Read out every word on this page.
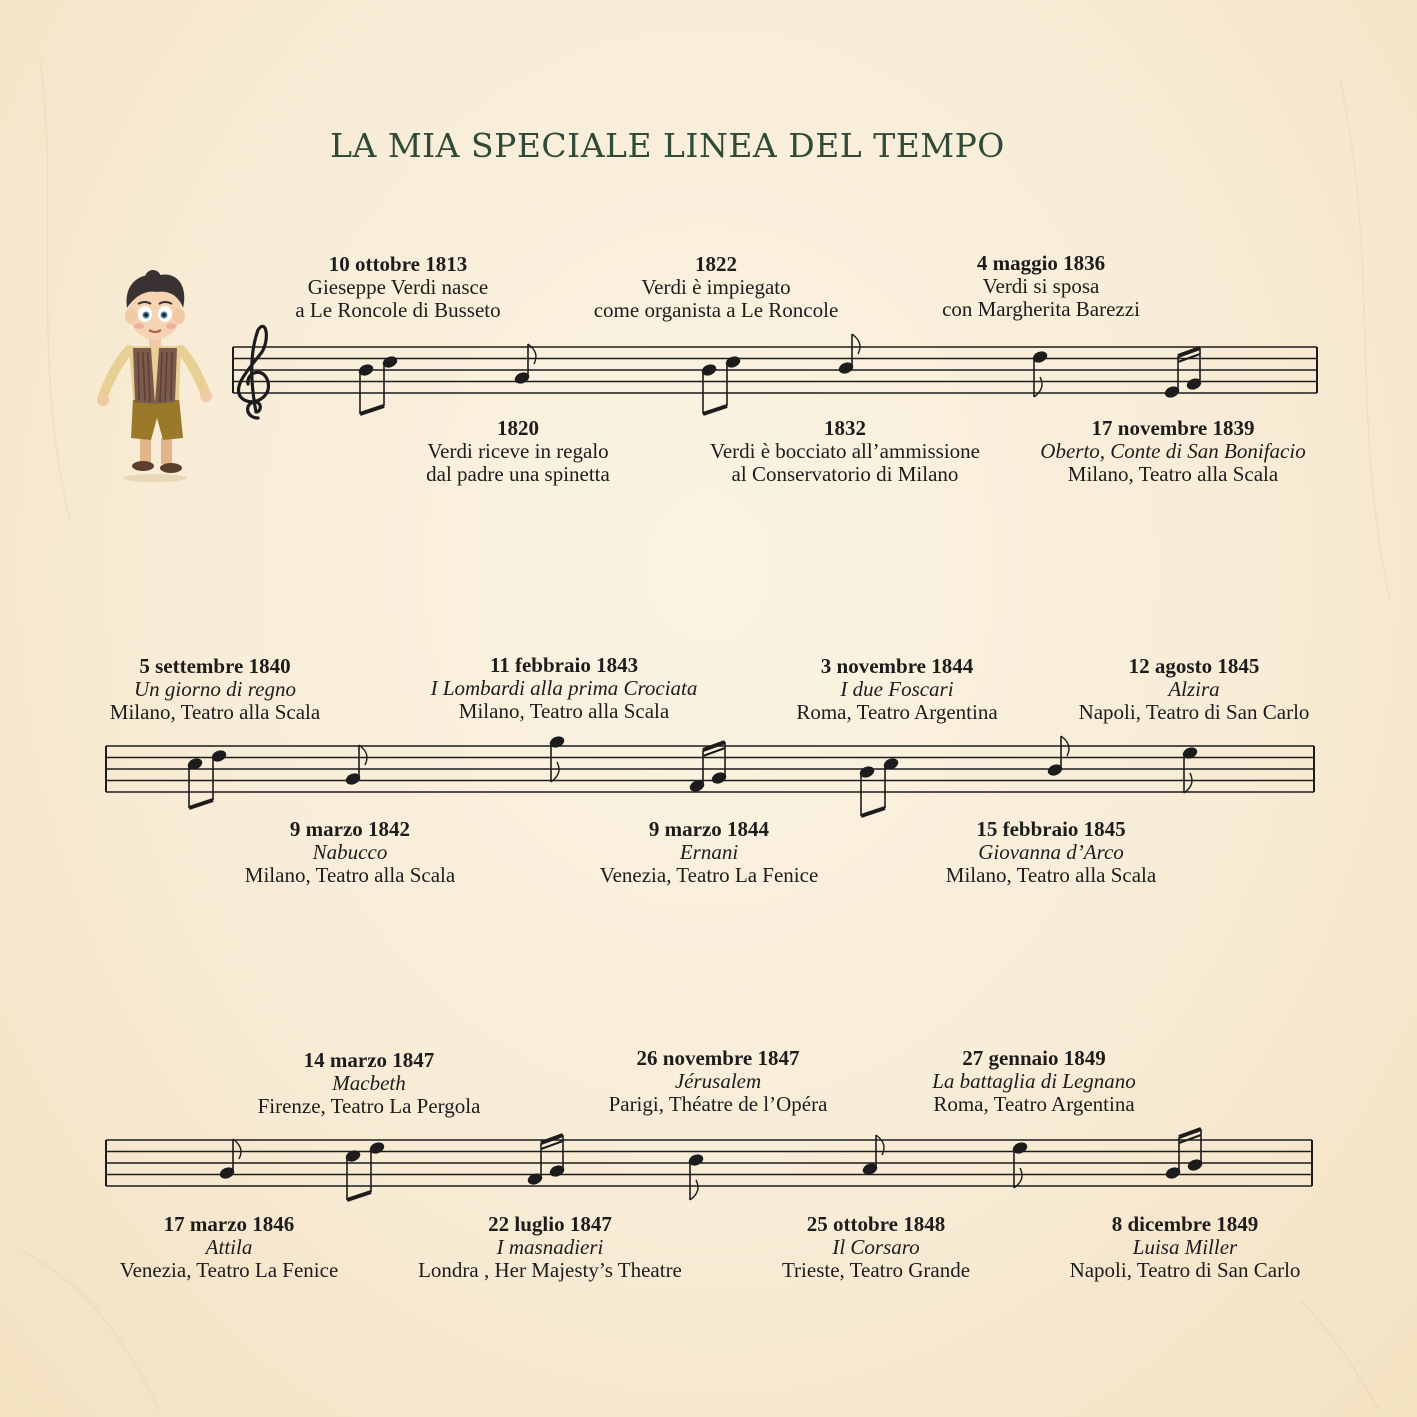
LA MIA SPECIALE LINEA DEL TEMPO
10 ottobre 1813
Gieseppe Verdi nasce
a Le Roncole di Busseto
1822
Verdi è impiegato
come organista a Le Roncole
4 maggio 1836
Verdi si sposa
con Margherita Barezzi
1820
Verdi riceve in regalo
dal padre una spinetta
1832
Verdi è bocciato all’ammissione
al Conservatorio di Milano
17 novembre 1839
Oberto, Conte di San Bonifacio
Milano, Teatro alla Scala
5 settembre 1840
Un giorno di regno
Milano, Teatro alla Scala
11 febbraio 1843
I Lombardi alla prima Crociata
Milano, Teatro alla Scala
3 novembre 1844
I due Foscari
Roma, Teatro Argentina
12 agosto 1845
Alzira
Napoli, Teatro di San Carlo
9 marzo 1842
Nabucco
Milano, Teatro alla Scala
9 marzo 1844
Ernani
Venezia, Teatro La Fenice
15 febbraio 1845
Giovanna d’Arco
Milano, Teatro alla Scala
14 marzo 1847
Macbeth
Firenze, Teatro La Pergola
26 novembre 1847
Jérusalem
Parigi, Théatre de l’Opéra
27 gennaio 1849
La battaglia di Legnano
Roma, Teatro Argentina
17 marzo 1846
Attila
Venezia, Teatro La Fenice
22 luglio 1847
I masnadieri
Londra , Her Majesty’s Theatre
25 ottobre 1848
Il Corsaro
Trieste, Teatro Grande
8 dicembre 1849
Luisa Miller
Napoli, Teatro di San Carlo
